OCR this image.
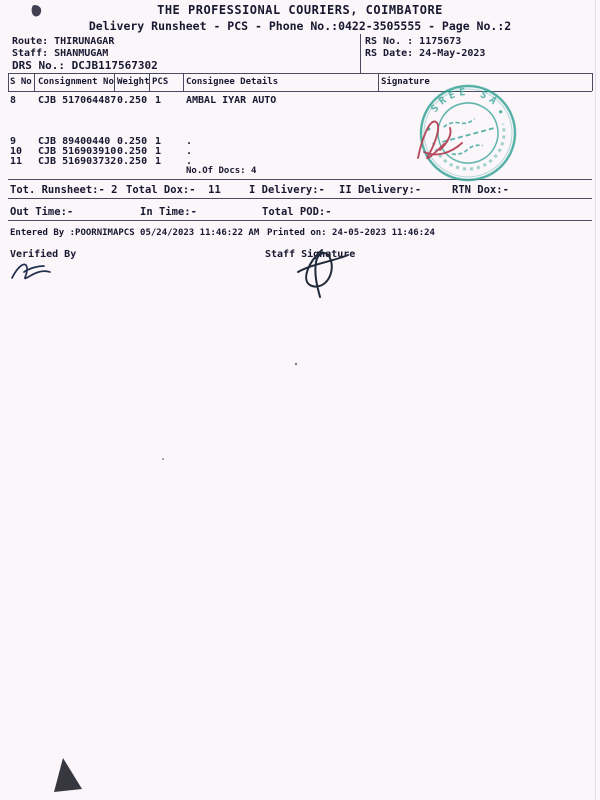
THE PROFESSIONAL COURIERS, COIMBATORE
Delivery Runsheet - PCS - Phone No.:0422-3505555 - Page No.:2
Route: THIRUNAGAR
Staff: SHANMUGAM
DRS No.: DCJB117567302
RS No. : 1175673
RS Date: 24-May-2023
S No Consignment No Weight PCS Consignee Details	Signature
8 CJB 517064487 0.250 1 AMBAL IYAR AUTO
9 CJB 89400440 0.250 1 .
10 CJB 516903910 0.250 1 .
11 CJB 516903732 0.250 1 .
No.Of Docs: 4
Tot. Runsheet:- 2 Total Dox:-  11	I Delivery:- II Delivery:-	RTN Dox:-
Out Time:-	In Time:-	Total POD:-
Entered By :POORNIMAPCS 05/24/2023 11:46:22 AM Printed on: 24-05-2023 11:46:24
Verified By	Staff Signature
SREE SA
